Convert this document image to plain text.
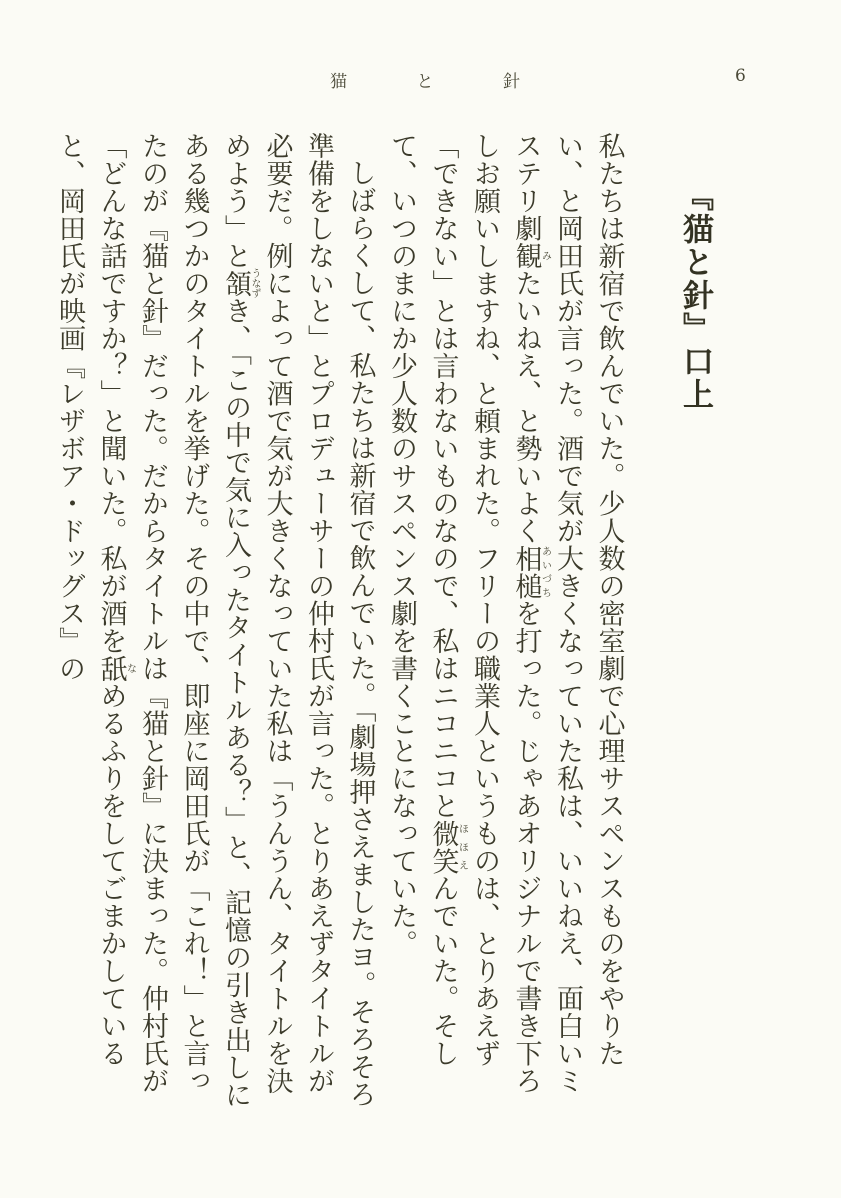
猫	と	針	6

『猫と針』口上

私たちは新宿で飲んでいた。少人数の密室劇で心理サスペンスものをやりたい、と岡田氏が言った。酒で気が大きくなっていた私は、いいねえ、面白いミステリ劇観みたいねえ、と勢いよく相槌あいづちを打った。じゃあオリジナルで書き下ろしお願いしますね、と頼まれた。フリーの職業人というものは、とりあえず「できない」とは言わないものなので、私はニコニコと微笑ほほえんでいた。そして、いつのまにか少人数のサスペンス劇を書くことになっていた。

しばらくして、私たちは新宿で飲んでいた。「劇場押さえましたヨ。そろそろ準備をしないと」とプロデューサーの仲村氏が言った。とりあえずタイトルが必要だ。例によって酒で気が大きくなっていた私は「うんうん、タイトルを決めよう」と頷うなずき、「この中で気に入ったタイトルある？」と、記憶の引き出しにある幾つかのタイトルを挙げた。その中で、即座に岡田氏が「これ！」と言ったのが『猫と針』だった。だからタイトルは『猫と針』に決まった。仲村氏が「どんな話ですか？」と聞いた。私が酒を舐なめるふりをしてごまかしていると、岡田氏が映画『レザボア・ドッグス』の
